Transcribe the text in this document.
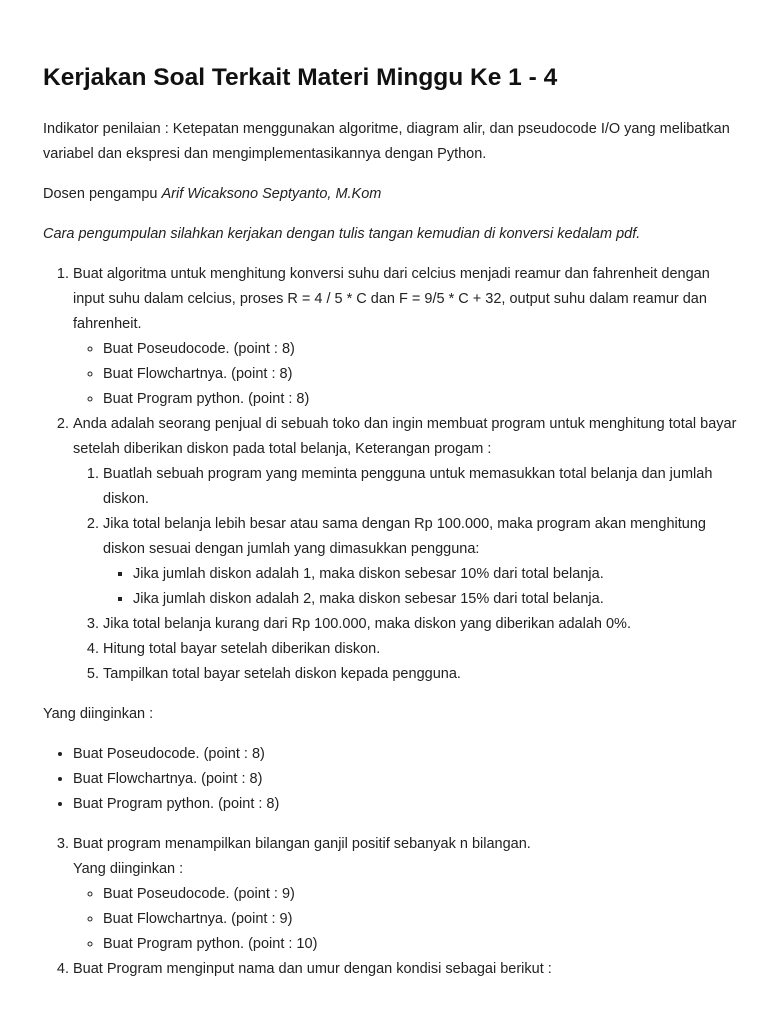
Kerjakan Soal Terkait Materi Minggu Ke 1 - 4

Indikator penilaian : Ketepatan menggunakan algoritme, diagram alir, dan pseudocode I/O yang melibatkan variabel dan ekspresi dan mengimplementasikannya dengan Python.

Dosen pengampu Arif Wicaksono Septyanto, M.Kom

Cara pengumpulan silahkan kerjakan dengan tulis tangan kemudian di konversi kedalam pdf.

1. Buat algoritma untuk menghitung konversi suhu dari celcius menjadi reamur dan fahrenheit dengan input suhu dalam celcius, proses R = 4 / 5 * C dan F = 9/5 * C + 32, output suhu dalam reamur dan fahrenheit.
◦ Buat Poseudocode. (point : 8)
◦ Buat Flowchartnya. (point : 8)
◦ Buat Program python. (point : 8)
2. Anda adalah seorang penjual di sebuah toko dan ingin membuat program untuk menghitung total bayar setelah diberikan diskon pada total belanja, Keterangan progam :
1. Buatlah sebuah program yang meminta pengguna untuk memasukkan total belanja dan jumlah diskon.
2. Jika total belanja lebih besar atau sama dengan Rp 100.000, maka program akan menghitung diskon sesuai dengan jumlah yang dimasukkan pengguna:
▪ Jika jumlah diskon adalah 1, maka diskon sebesar 10% dari total belanja.
▪ Jika jumlah diskon adalah 2, maka diskon sebesar 15% dari total belanja.
3. Jika total belanja kurang dari Rp 100.000, maka diskon yang diberikan adalah 0%.
4. Hitung total bayar setelah diberikan diskon.
5. Tampilkan total bayar setelah diskon kepada pengguna.

Yang diinginkan :

• Buat Poseudocode. (point : 8)
• Buat Flowchartnya. (point : 8)
• Buat Program python. (point : 8)
3. Buat program menampilkan bilangan ganjil positif sebanyak n bilangan.
Yang diinginkan :
◦ Buat Poseudocode. (point : 9)
◦ Buat Flowchartnya. (point : 9)
◦ Buat Program python. (point : 10)
4. Buat Program menginput nama dan umur dengan kondisi sebagai berikut :
